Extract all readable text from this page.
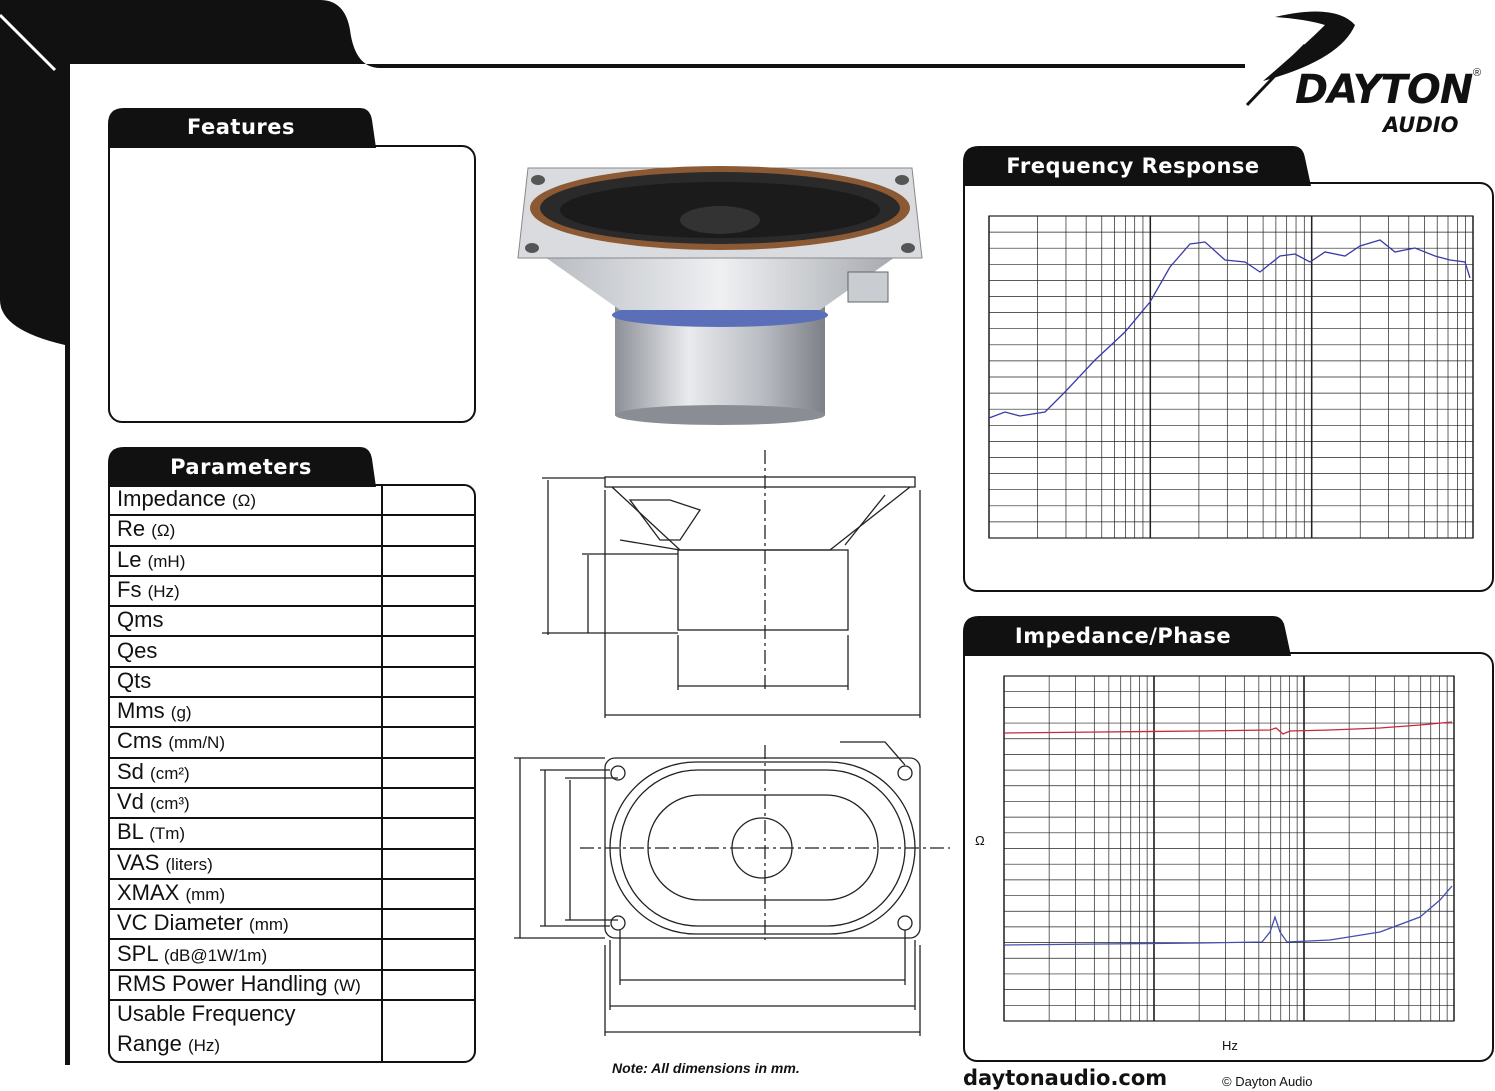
DAYTON ®
AUDIO
Features
Note: All dimensions in mm.
Parameters
Impedance (Ω)
Re (Ω)
Le (mH)
Fs (Hz)
Qms
Qes
Qts
Mms (g)
Cms (mm/N)
Sd (cm²)
Vd (cm³)
BL (Tm)
VAS (liters)
XMAX (mm)
VC Diameter (mm)
SPL (dB@1W/1m)
RMS Power Handling (W)
Usable Frequency
Range (Hz)
Frequency Response
Impedance/Phase
Ω
Hz
daytonaudio.com	© Dayton Audio
